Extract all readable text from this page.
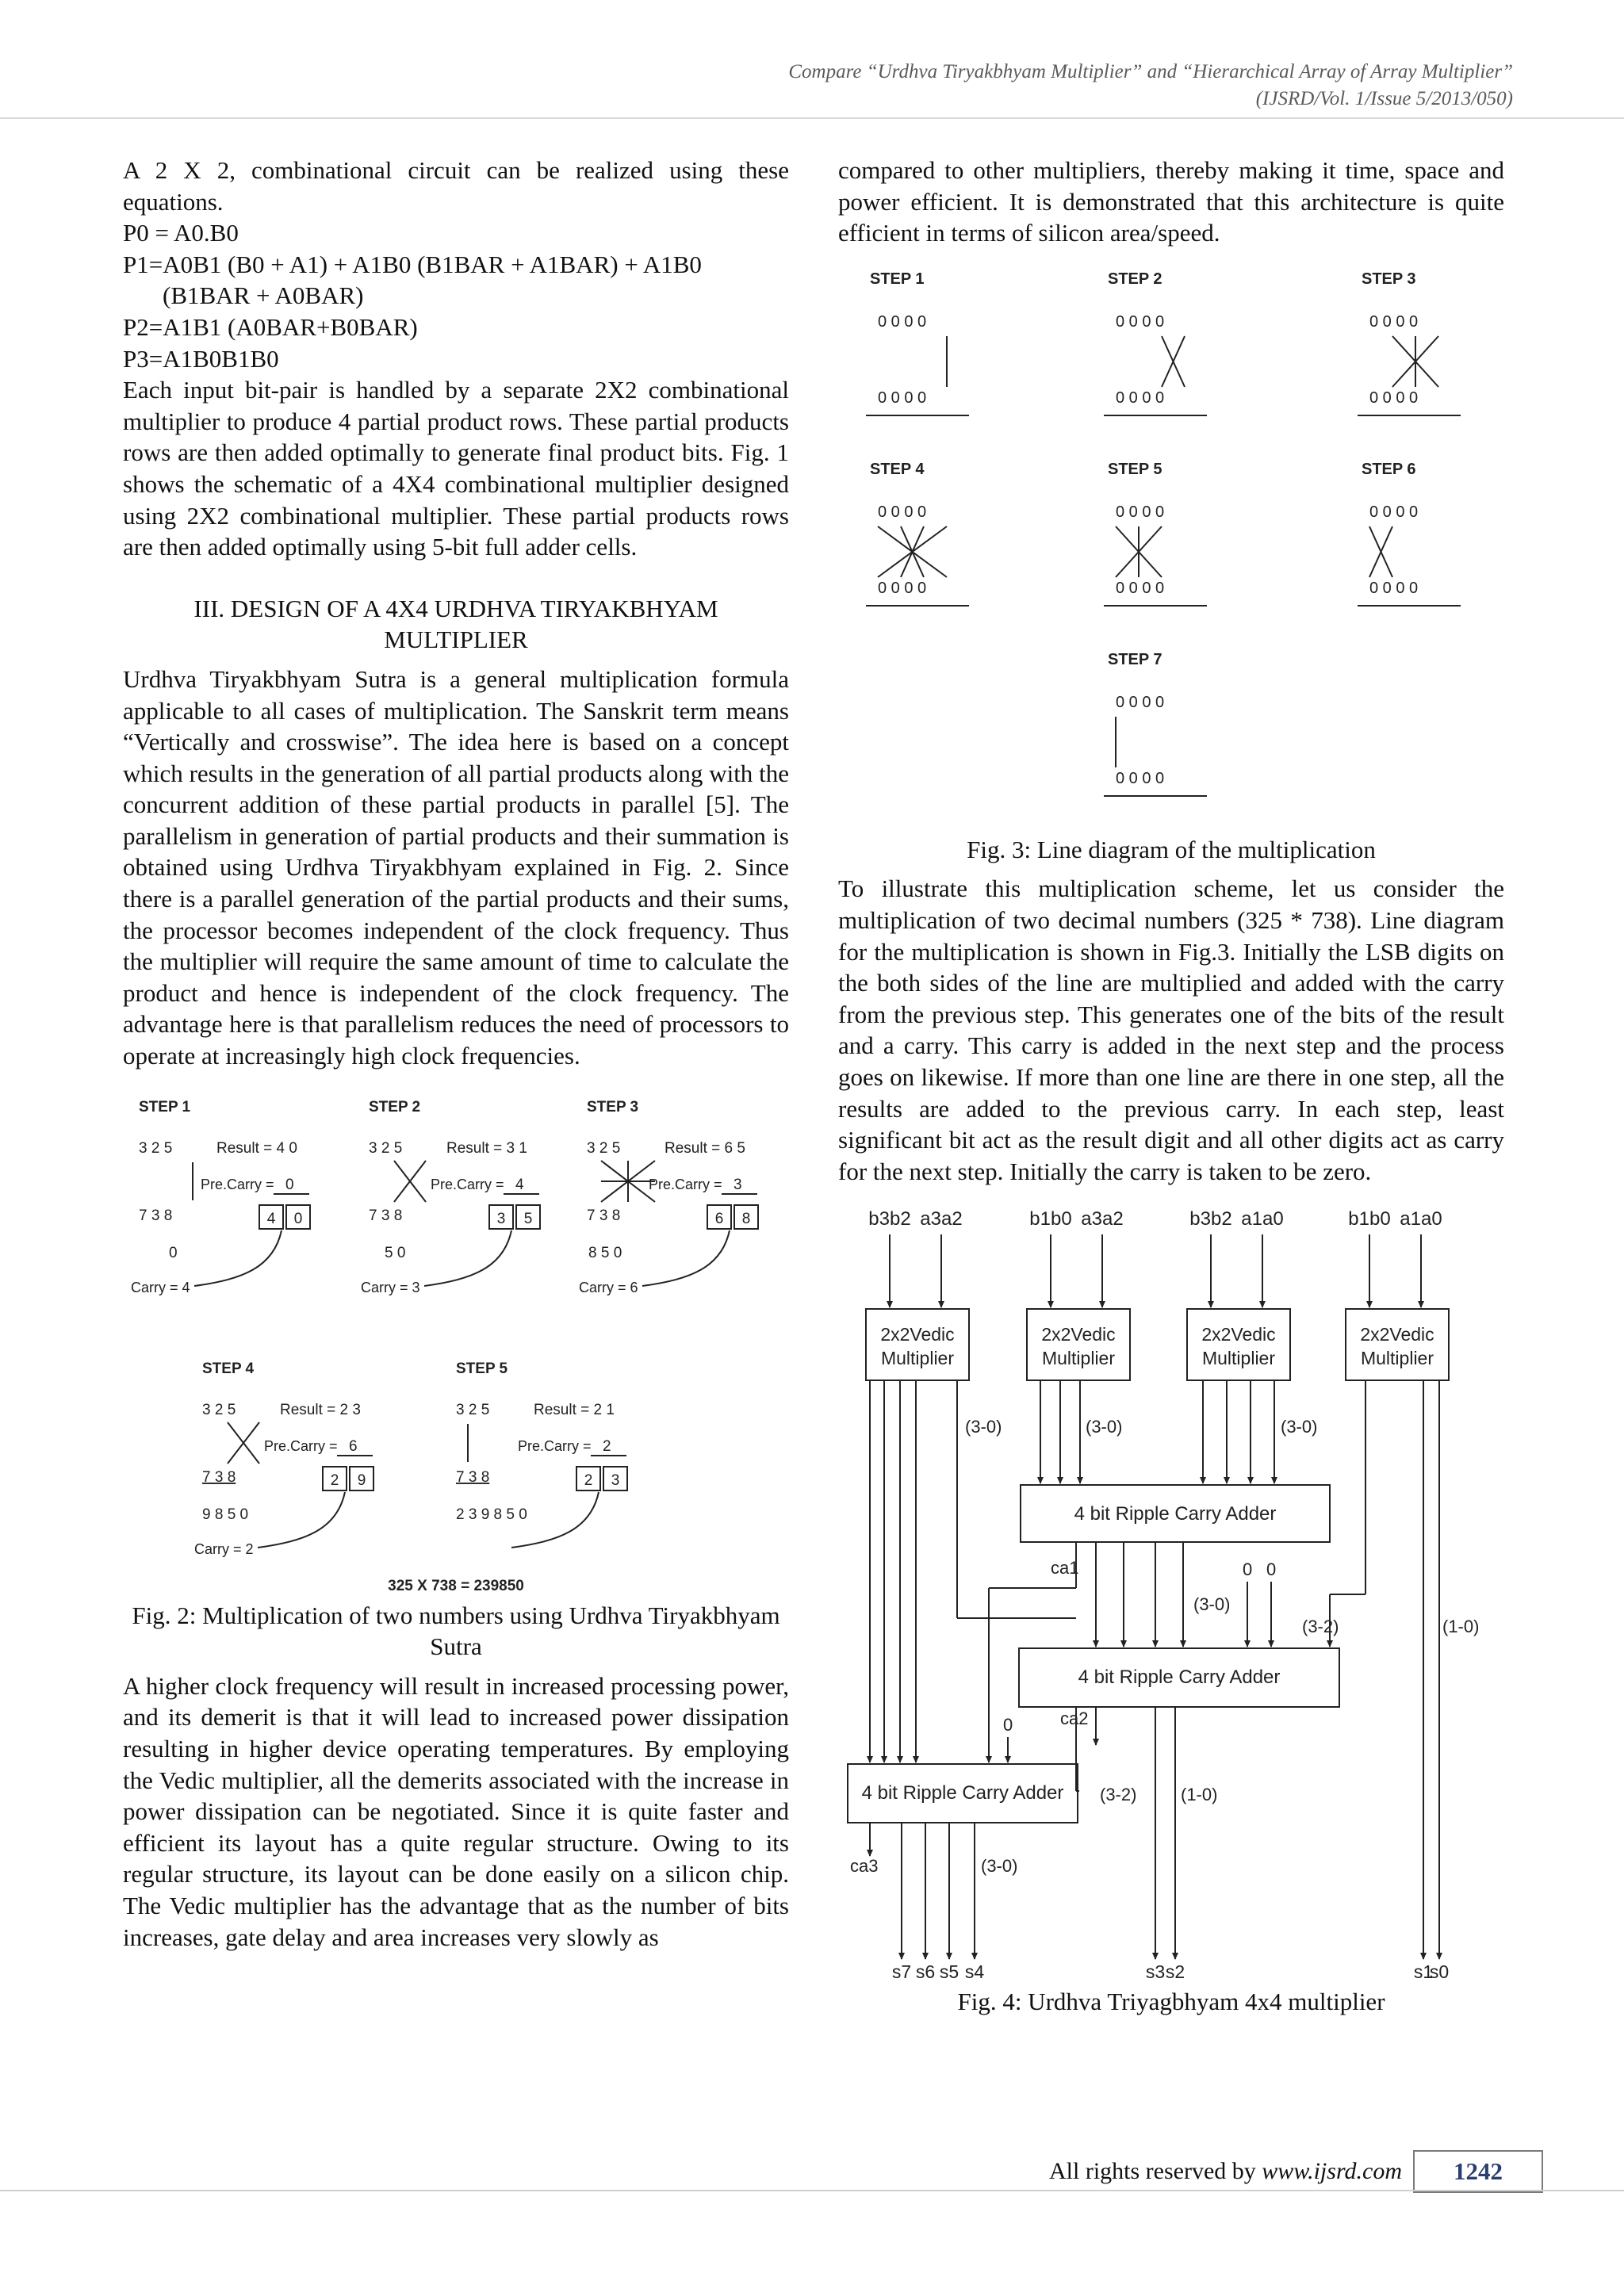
Compare “Urdhva Tiryakbhyam Multiplier” and “Hierarchical Array of Array Multiplier”
(IJSRD/Vol. 1/Issue 5/2013/050)

A 2 X 2, combinational circuit can be realized using these equations.

P0 = A0.B0
P1=A0B1 (B0 + A1) + A1B0 (B1BAR + A1BAR) + A1B0
(B1BAR + A0BAR)
P2=A1B1 (A0BAR+B0BAR)
P3=A1B0B1B0

Each input bit-pair is handled by a separate 2X2 combinational multiplier to produce 4 partial product rows. These partial products rows are then added optimally to generate final product bits. Fig. 1 shows the schematic of a 4X4 combinational multiplier designed using 2X2 combinational multiplier. These partial products rows are then added optimally using 5-bit full adder cells.

III. DESIGN OF A 4X4 URDHVA TIRYAKBHYAM MULTIPLIER

Urdhva Tiryakbhyam Sutra is a general multiplication formula applicable to all cases of multiplication. The Sanskrit term means “Vertically and crosswise”. The idea here is based on a concept which results in the generation of all partial products along with the concurrent addition of these partial products in parallel [5]. The parallelism in generation of partial products and their summation is obtained using Urdhva Tiryakbhyam explained in Fig. 2. Since there is a parallel generation of the partial products and their sums, the processor becomes independent of the clock frequency. Thus the multiplier will require the same amount of time to calculate the product and hence is independent of the clock frequency. The advantage here is that parallelism reduces the need of processors to operate at increasingly high clock frequencies.

STEP 1
3 2 5	Result = 4 0
Pre.Carry = 0
7 3 8	4 0
0
Carry = 4
STEP 2
3 2 5	Result = 3 1
Pre.Carry = 4
7 3 8	3 5
5 0
Carry = 3
STEP 3
3 2 5	Result = 6 5
Pre.Carry = 3
7 3 8	6 8
8 5 0
Carry = 6
STEP 4
3 2 5	Result = 2 3
Pre.Carry = 6
7 3 8	2 9
9 8 5 0
Carry = 2
STEP 5
3 2 5	Result = 2 1
Pre.Carry = 2
7 3 8	2 3
2 3 9 8 5 0
325 X 738 = 239850
Fig. 2: Multiplication of two numbers using Urdhva Tiryakbhyam Sutra

A higher clock frequency will result in increased processing power, and its demerit is that it will lead to increased power dissipation resulting in higher device operating temperatures. By employing the Vedic multiplier, all the demerits associated with the increase in power dissipation can be negotiated. Since it is quite faster and efficient its layout has a quite regular structure. Owing to its regular structure, its layout can be done easily on a silicon chip. The Vedic multiplier has the advantage that as the number of bits increases, gate delay and area increases very slowly as

compared to other multipliers, thereby making it time, space and power efficient. It is demonstrated that this architecture is quite efficient in terms of silicon area/speed.

STEP 1
0 0 0 0
0 0 0 0
STEP 2
0 0 0 0
0 0 0 0
STEP 3
0 0 0 0
0 0 0 0
STEP 4
0 0 0 0
0 0 0 0
STEP 5
0 0 0 0
0 0 0 0
STEP 6
0 0 0 0
0 0 0 0
STEP 7
0 0 0 0
0 0 0 0
Fig. 3: Line diagram of the multiplication

To illustrate this multiplication scheme, let us consider the multiplication of two decimal numbers (325 * 738). Line diagram for the multiplication is shown in Fig.3. Initially the LSB digits on the both sides of the line are multiplied and added with the carry from the previous step. This generates one of the bits of the result and a carry. This carry is added in the next step and the process goes on likewise. If more than one line are there in one step, all the results are added to the previous carry. In each step, least significant bit act as the result digit and all other digits act as carry for the next step. Initially the carry is taken to be zero.

b3b2 a3a2	b1b0 a3a2	b3b2 a1a0	b1b0 a1a0
2x2Vedic
Multiplier
2x2Vedic
Multiplier
2x2Vedic
Multiplier
2x2Vedic
Multiplier
4 bit Ripple Carry Adder
4 bit Ripple Carry Adder
4 bit Ripple Carry Adder
(3-0)	(3-0)	(3-0)
(3-2)	(1-0)
ca1
(3-0)
0 0
0	ca2
(3-2)	(1-0)
(3-0)
ca3
s7 s6 s5 s4	s3 s2	s1
s0
Fig. 4: Urdhva Triyagbhyam 4x4 multiplier
All rights reserved by www.ijsrd.com	1242
